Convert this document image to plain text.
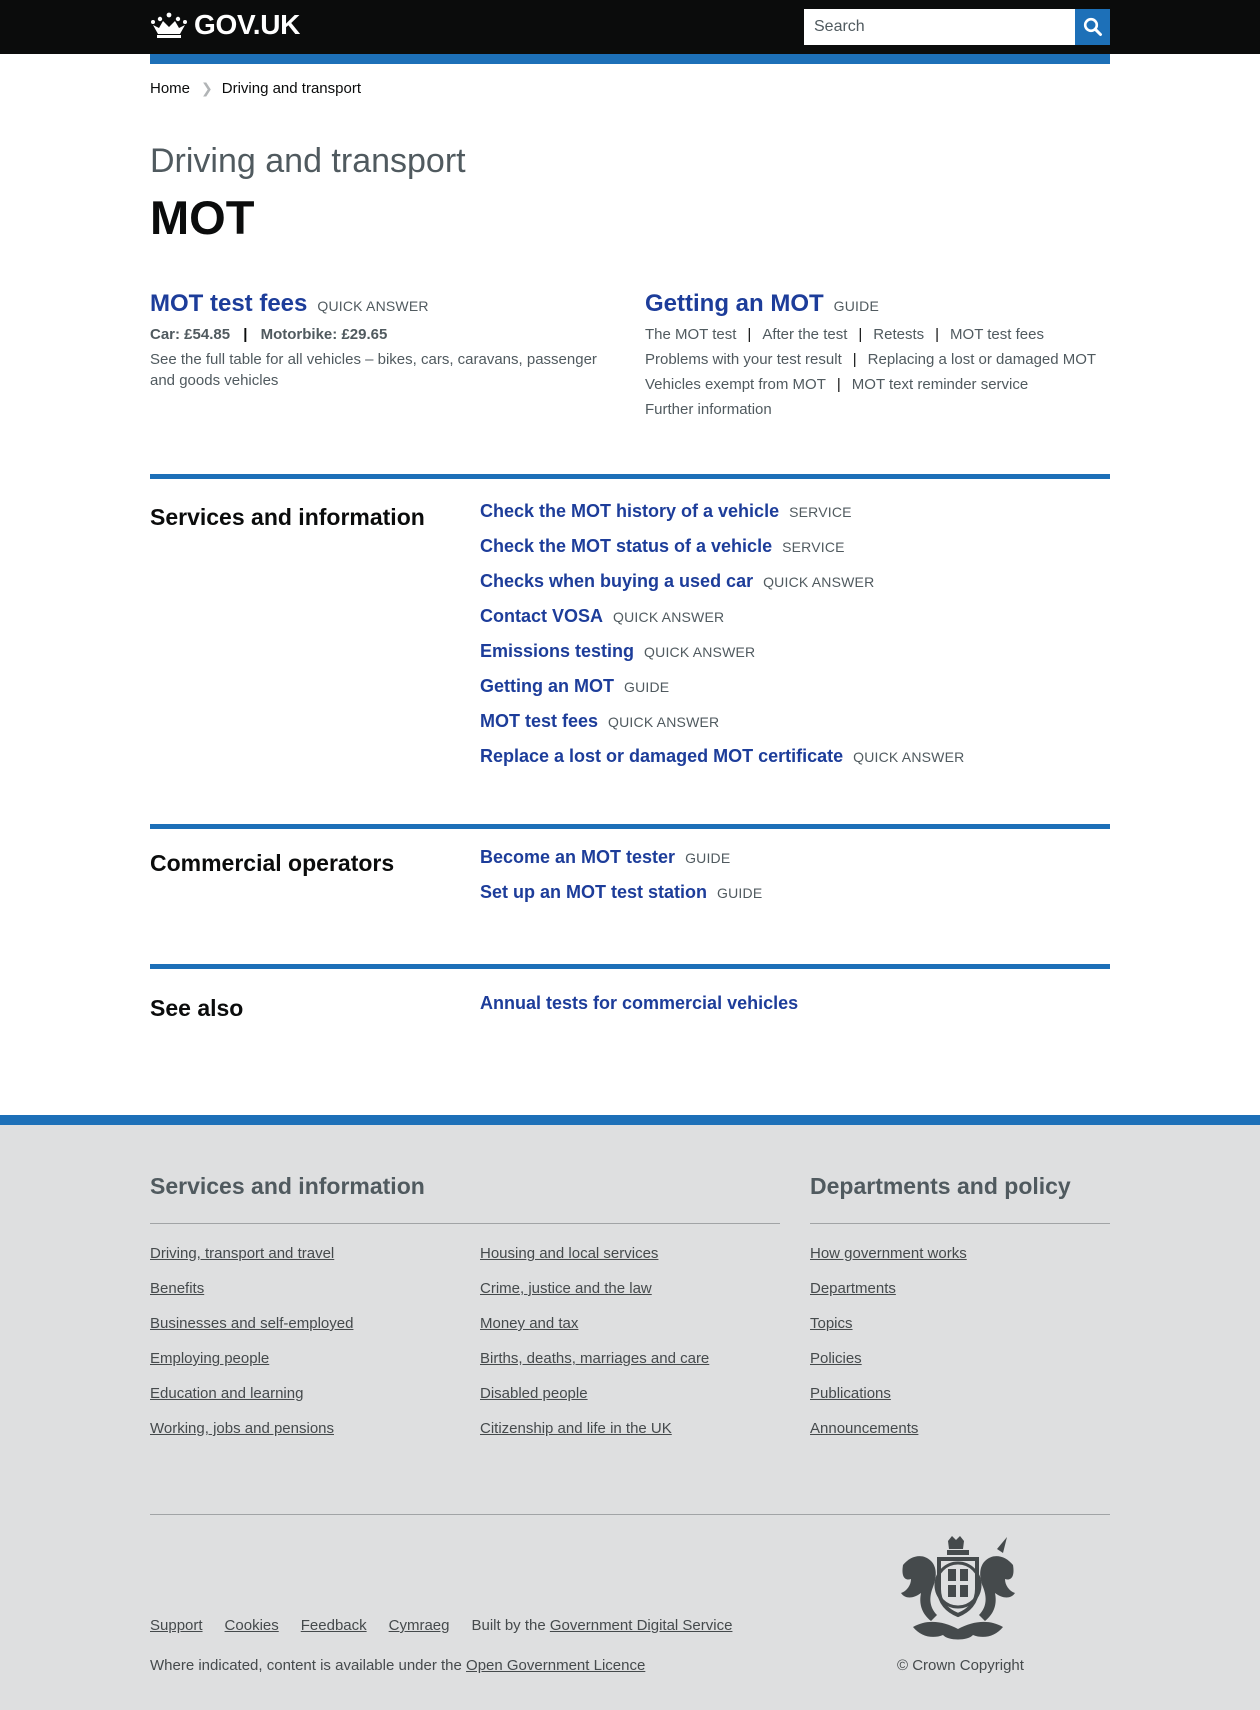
GOV.UK
Search
Home ❯ Driving and transport
Driving and transport
MOT
MOT test fees QUICK ANSWER
Car: £54.85 | Motorbike: £29.65

See the full table for all vehicles – bikes, cars, caravans, passenger and goods vehicles

Getting an MOT GUIDE
The MOT test | After the test | Retests | MOT test fees
Problems with your test result | Replacing a lost or damaged MOT
Vehicles exempt from MOT | MOT text reminder service
Further information
Services and information	Check the MOT history of a vehicle SERVICE
Check the MOT status of a vehicle SERVICE
Checks when buying a used car QUICK ANSWER
Contact VOSA QUICK ANSWER
Emissions testing QUICK ANSWER
Getting an MOT GUIDE
MOT test fees QUICK ANSWER
Replace a lost or damaged MOT certificate QUICK ANSWER
Commercial operators	Become an MOT tester GUIDE
Set up an MOT test station GUIDE
See also	Annual tests for commercial vehicles
Services and information	Departments and policy
Driving, transport and travel
Benefits
Businesses and self-employed
Employing people
Education and learning
Working, jobs and pensions
Housing and local services
Crime, justice and the law
Money and tax
Births, deaths, marriages and care
Disabled people
Citizenship and life in the UK
How government works
Departments
Topics
Policies
Publications
Announcements
Support Cookies Feedback Cymraeg Built by the Government Digital Service
Where indicated, content is available under the Open Government Licence	© Crown Copyright
